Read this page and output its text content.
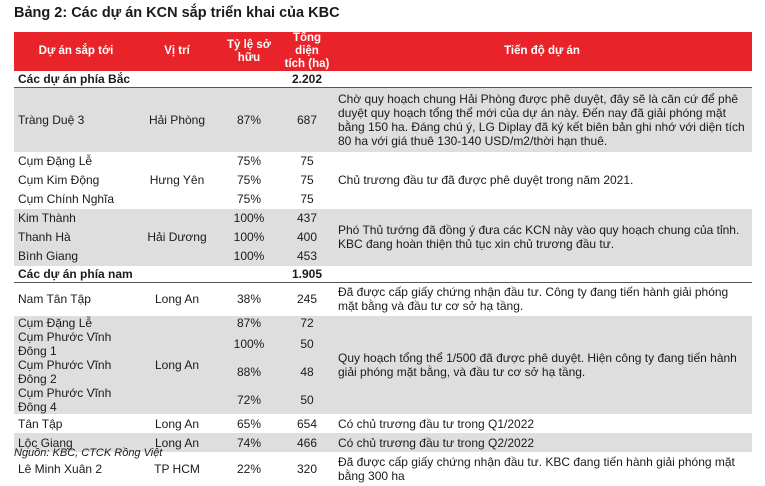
Bảng 2: Các dự án KCN sắp triển khai của KBC
Dự án sắp tới	Vị trí	Tỷ lệ sở hữu	Tổng diện tích (ha)	Tiến độ dự án
Các dự án phía Bắc			2.202	
Tràng Duệ 3	Hải Phòng	87%	687	Chờ quy hoạch chung Hải Phòng được phê duyệt, đây sẽ là căn cứ để phê duyệt quy hoạch tổng thể mới của dự án này. Đến nay đã giải phóng mặt bằng 150 ha. Đáng chú ý, LG Diplay đã ký kết biên bản ghi nhớ với diện tích 80 ha với giá thuê 130-140 USD/m2/thời hạn thuê.
Cụm Đặng Lễ	Hưng Yên	75%	75	Chủ trương đầu tư đã được phê duyệt trong năm 2021.
Cụm Kim Động		75%	75	
Cụm Chính Nghĩa		75%	75	
Kim Thành	Hải Dương	100%	437	Phó Thủ tướng đã đồng ý đưa các KCN này vào quy hoạch chung của tỉnh. KBC đang hoàn thiện thủ tục xin chủ trương đầu tư.
Thanh Hà		100%	400	
Bình Giang		100%	453	
Các dự án phía nam			1.905	
Nam Tân Tập	Long An	38%	245	Đã được cấp giấy chứng nhận đầu tư. Công ty đang tiến hành giải phóng mặt bằng và đầu tư cơ sở hạ tầng.
Cụm Đặng Lễ	Long An	87%	72	Quy hoạch tổng thể 1/500 đã được phê duyệt. Hiện công ty đang tiến hành giải phóng mặt bằng, và đầu tư cơ sở hạ tầng.
Cụm Phước Vĩnh Đông 1		100%	50	
Cụm Phước Vĩnh Đông 2		88%	48	
Cụm Phước Vĩnh Đông 4		72%	50	
Tân Tập	Long An	65%	654	Có chủ trương đầu tư trong Q1/2022
Lộc Giang	Long An	74%	466	Có chủ trương đầu tư trong Q2/2022
Lê Minh Xuân 2	TP HCM	22%	320	Đã được cấp giấy chứng nhận đầu tư. KBC đang tiến hành giải phóng mặt bằng 300 ha
Nguồn: KBC, CTCK Rồng Việt
